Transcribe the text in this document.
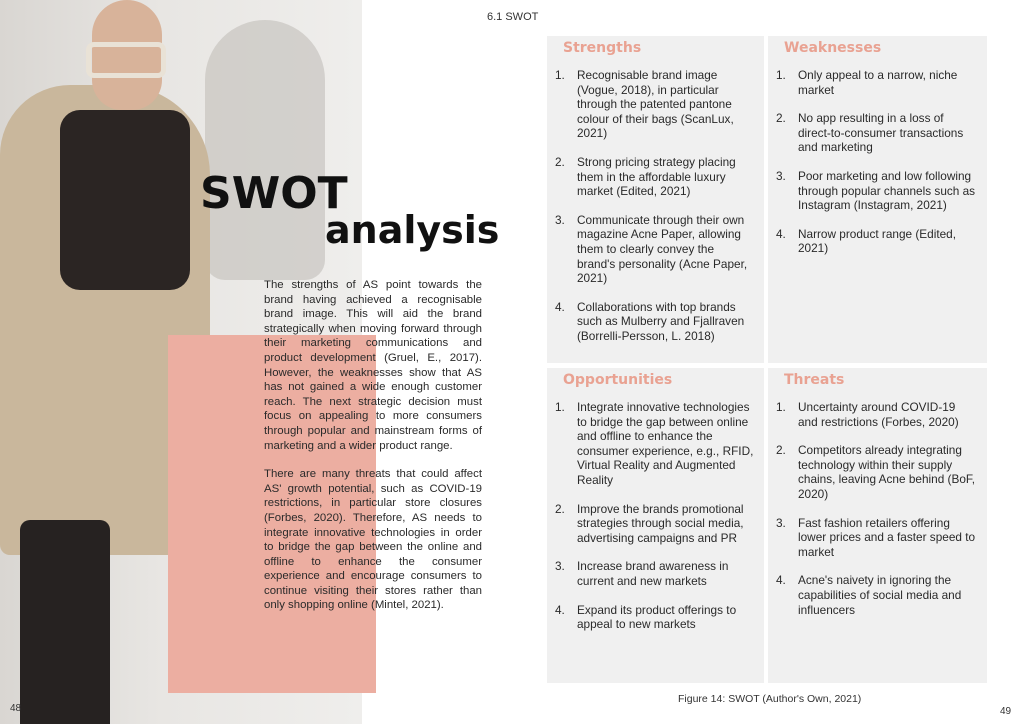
SWOT
analysis

The strengths of AS point towards the brand having achieved a recognisable brand image. This will aid the brand strategically when moving forward through their marketing communications and product development (Gruel, E., 2017). However, the weaknesses show that AS has not gained a wide enough customer reach. The next strategic decision must focus on appealing to more consumers through popular and mainstream forms of marketing and a wider product range.

There are many threats that could affect AS' growth potential, such as COVID-19 restrictions, in particular store closures (Forbes, 2020). Therefore, AS needs to integrate innovative technologies in order to bridge the gap between the online and offline to enhance the consumer experience and encourage consumers to continue visiting their stores rather than only shopping online (Mintel, 2021).

48
6.1 SWOT
Strengths
1. Recognisable brand image (Vogue, 2018), in particular through the patented pantone colour of their bags (ScanLux, 2021)
2. Strong pricing strategy placing them in the affordable luxury market (Edited, 2021)
3. Communicate through their own magazine Acne Paper, allowing them to clearly convey the brand's personality (Acne Paper, 2021)
4. Collaborations with top brands such as Mulberry and Fjallraven (Borrelli-Persson, L. 2018)
Weaknesses
1. Only appeal to a narrow, niche market
2. No app resulting in a loss of direct-to-consumer transactions and marketing
3. Poor marketing and low following through popular channels such as Instagram (Instagram, 2021)
4. Narrow product range (Edited, 2021)
Opportunities
1. Integrate innovative technologies to bridge the gap between online and offline to enhance the consumer experience, e.g., RFID, Virtual Reality and Augmented Reality
2. Improve the brands promotional strategies through social media, advertising campaigns and PR
3. Increase brand awareness in current and new markets
4. Expand its product offerings to appeal to new markets
Threats
1. Uncertainty around COVID-19 and restrictions (Forbes, 2020)
2. Competitors already integrating technology within their supply chains, leaving Acne behind (BoF, 2020)
3. Fast fashion retailers offering lower prices and a faster speed to market
4. Acne's naivety in ignoring the capabilities of social media and influencers
Figure 14: SWOT (Author's Own, 2021)
49
